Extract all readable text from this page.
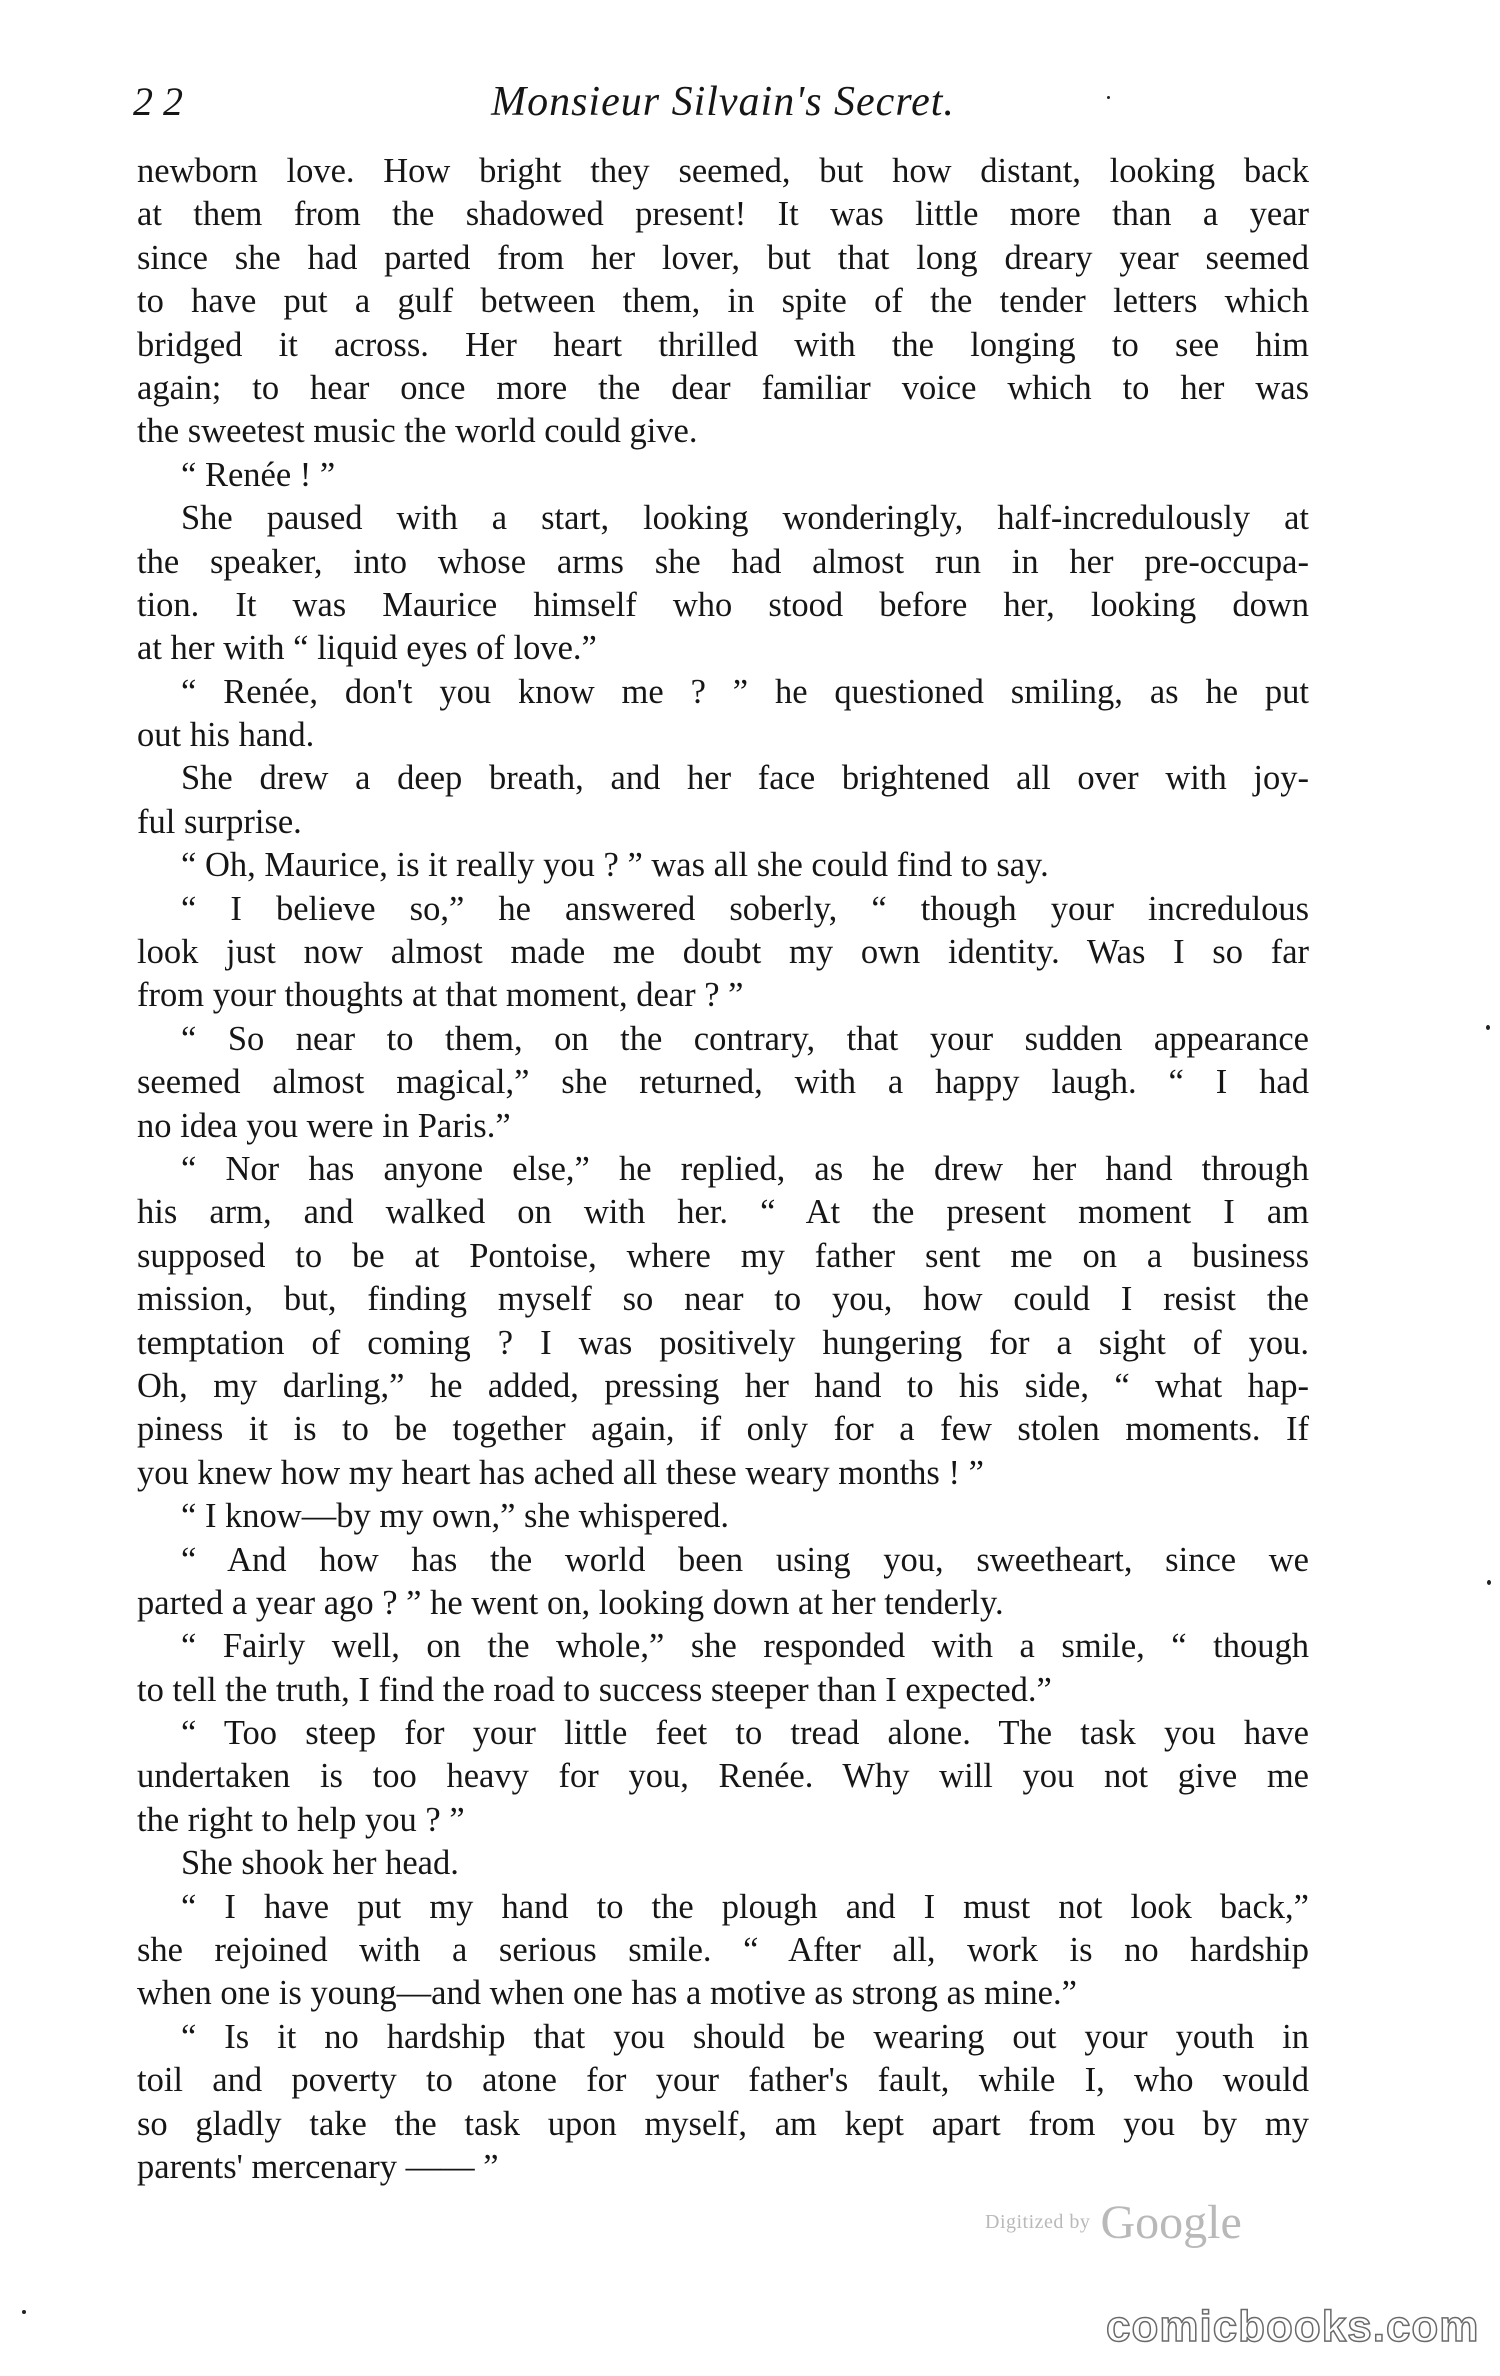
2 2	Monsieur Silvain's Secret.
newborn love. How bright they seemed, but how distant, looking back
at them from the shadowed present! It was little more than a year
since she had parted from her lover, but that long dreary year seemed
to have put a gulf between them, in spite of the tender letters which
bridged it across. Her heart thrilled with the longing to see him
again; to hear once more the dear familiar voice which to her was
the sweetest music the world could give.
“ Renée ! ”
She paused with a start, looking wonderingly, half-incredulously at
the speaker, into whose arms she had almost run in her pre-occupa-
tion. It was Maurice himself who stood before her, looking down
at her with “ liquid eyes of love.”
“ Renée, don't you know me ? ” he questioned smiling, as he put
out his hand.
She drew a deep breath, and her face brightened all over with joy-
ful surprise.
“ Oh, Maurice, is it really you ? ” was all she could find to say.
“ I believe so,” he answered soberly, “ though your incredulous
look just now almost made me doubt my own identity. Was I so far
from your thoughts at that moment, dear ? ”
“ So near to them, on the contrary, that your sudden appearance
seemed almost magical,” she returned, with a happy laugh. “ I had
no idea you were in Paris.”
“ Nor has anyone else,” he replied, as he drew her hand through
his arm, and walked on with her. “ At the present moment I am
supposed to be at Pontoise, where my father sent me on a business
mission, but, finding myself so near to you, how could I resist the
temptation of coming ? I was positively hungering for a sight of you.
Oh, my darling,” he added, pressing her hand to his side, “ what hap-
piness it is to be together again, if only for a few stolen moments. If
you knew how my heart has ached all these weary months ! ”
“ I know—by my own,” she whispered.
“ And how has the world been using you, sweetheart, since we
parted a year ago ? ” he went on, looking down at her tenderly.
“ Fairly well, on the whole,” she responded with a smile, “ though
to tell the truth, I find the road to success steeper than I expected.”
“ Too steep for your little feet to tread alone. The task you have
undertaken is too heavy for you, Renée. Why will you not give me
the right to help you ? ”
She shook her head.
“ I have put my hand to the plough and I must not look back,”
she rejoined with a serious smile. “ After all, work is no hardship
when one is young—and when one has a motive as strong as mine.”
“ Is it no hardship that you should be wearing out your youth in
toil and poverty to atone for your father's fault, while I, who would
so gladly take the task upon myself, am kept apart from you by my
parents' mercenary —— ”
Digitized by Google
comicbooks.com
